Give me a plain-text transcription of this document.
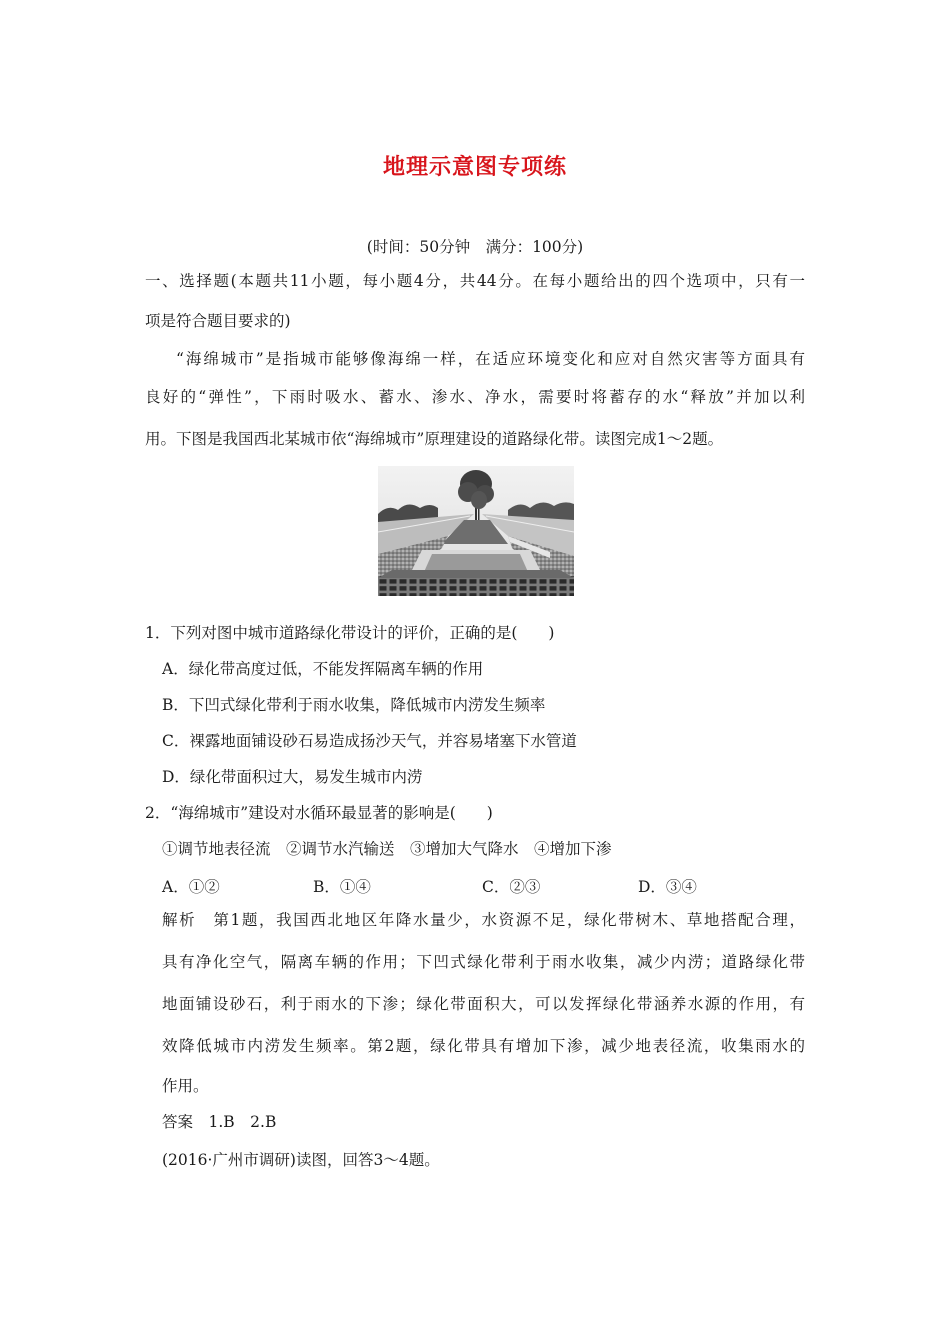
地理示意图专项练
(时间：50分钟　满分：100分)
一、选择题(本题共11小题，每小题4分，共44分。在每小题给出的四个选项中，只有一
项是符合题目要求的)
“海绵城市”是指城市能够像海绵一样，在适应环境变化和应对自然灾害等方面具有
良好的“弹性”，下雨时吸水、蓄水、渗水、净水，需要时将蓄存的水“释放”并加以利
用。下图是我国西北某城市依“海绵城市”原理建设的道路绿化带。读图完成1～2题。
1．下列对图中城市道路绿化带设计的评价，正确的是(　　)
A．绿化带高度过低，不能发挥隔离车辆的作用
B．下凹式绿化带利于雨水收集，降低城市内涝发生频率
C．裸露地面铺设砂石易造成扬沙天气，并容易堵塞下水管道
D．绿化带面积过大，易发生城市内涝
2．“海绵城市”建设对水循环最显著的影响是(　　)
①调节地表径流　②调节水汽输送　③增加大气降水　④增加下渗
A．①②	B．①④	C．②③	D．③④
解析　第1题，我国西北地区年降水量少，水资源不足，绿化带树木、草地搭配合理，
具有净化空气，隔离车辆的作用；下凹式绿化带利于雨水收集，减少内涝；道路绿化带
地面铺设砂石，利于雨水的下渗；绿化带面积大，可以发挥绿化带涵养水源的作用，有
效降低城市内涝发生频率。第2题，绿化带具有增加下渗，减少地表径流，收集雨水的
作用。
答案　1.B　2.B
(2016·广州市调研)读图，回答3～4题。
